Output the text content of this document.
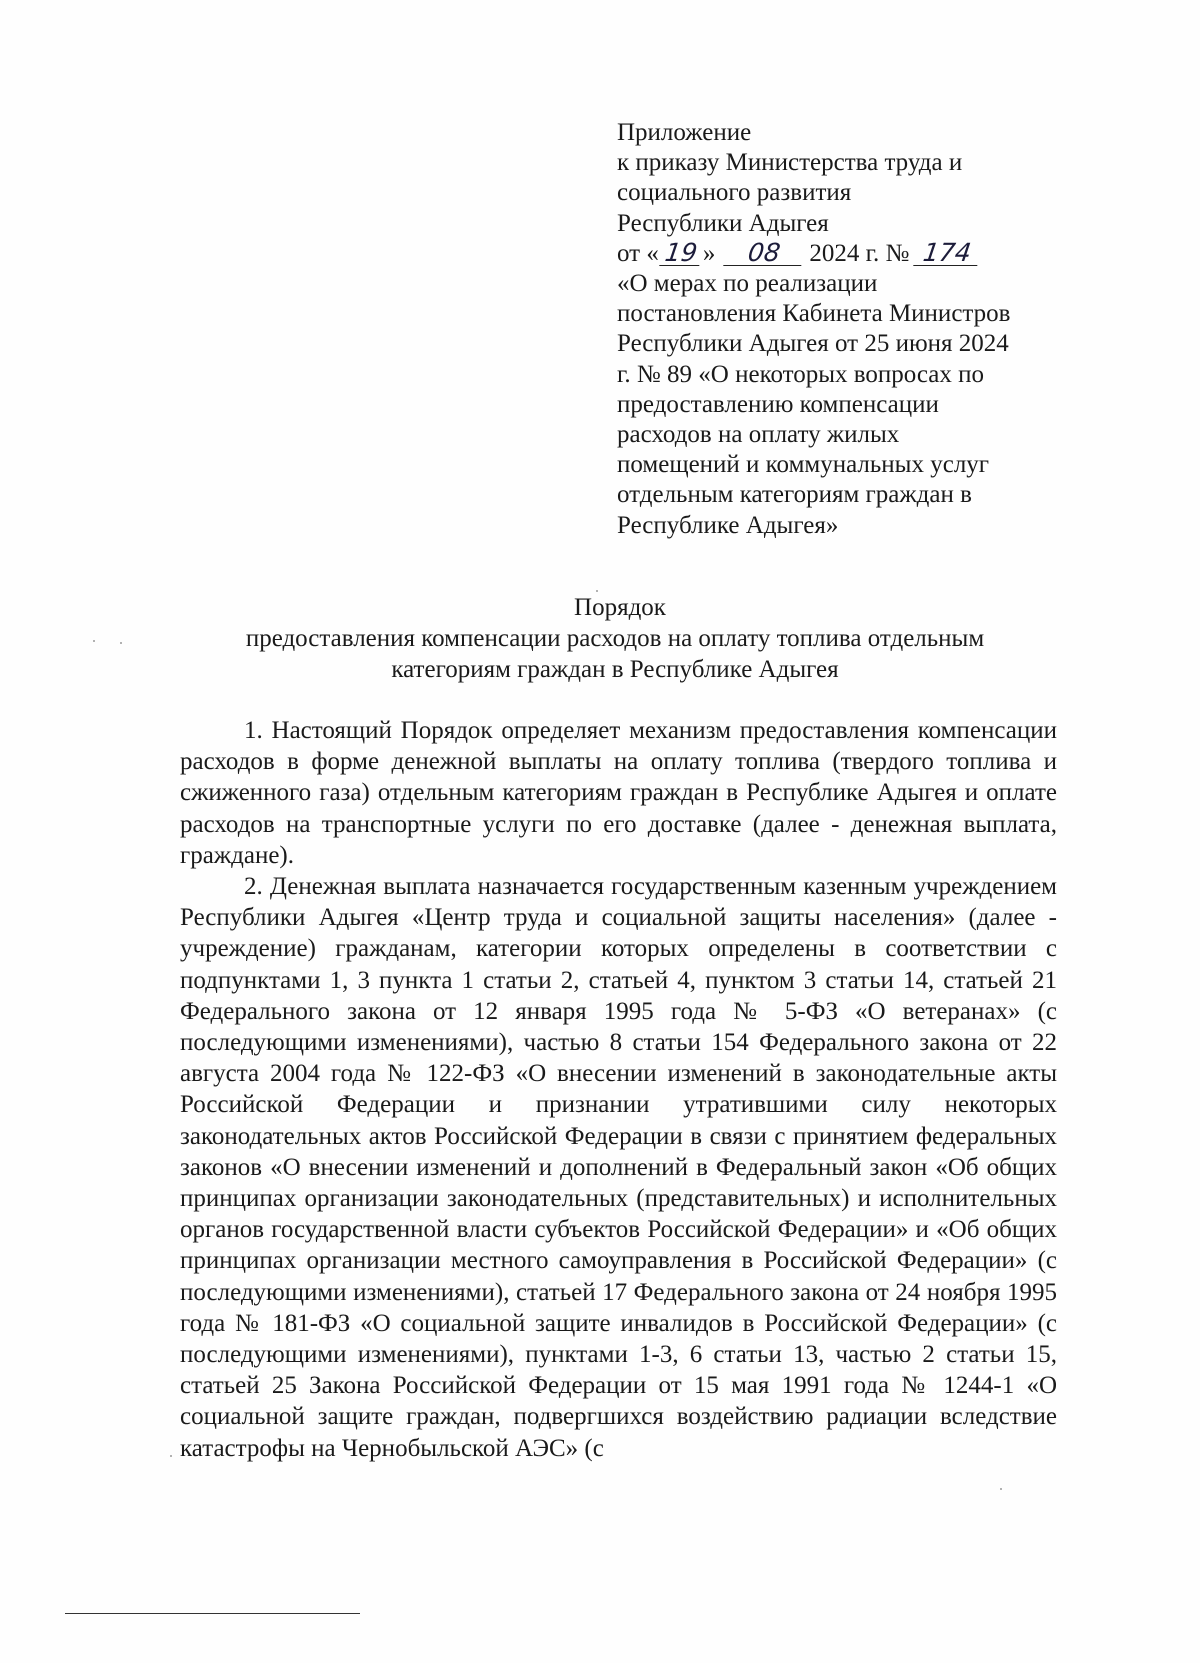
Приложение
к приказу Министерства труда и
социального развития
Республики Адыгея
от « 19 » 08 2024 г. № 174
«О мерах по реализации
постановления Кабинета Министров
Республики Адыгея от 25 июня 2024
г. № 89 «О некоторых вопросах по
предоставлению компенсации
расходов на оплату жилых
помещений и коммунальных услуг
отдельным категориям граждан в
Республике Адыгея»
Порядок
предоставления компенсации расходов на оплату топлива отдельным
категориям граждан в Республике Адыгея

1. Настоящий Порядок определяет механизм предоставления компенсации расходов в форме денежной выплаты на оплату топлива (твердого топлива и сжиженного газа) отдельным категориям граждан в Республике Адыгея и оплате расходов на транспортные услуги по его доставке (далее - денежная выплата, граждане).

2. Денежная выплата назначается государственным казенным учреждением Республики Адыгея «Центр труда и социальной защиты населения» (далее - учреждение) гражданам, категории которых определены в соответствии с подпунктами 1, 3 пункта 1 статьи 2, статьей 4, пунктом 3 статьи 14, статьей 21 Федерального закона от 12 января 1995 года № 5-ФЗ «О ветеранах» (с последующими изменениями), частью 8 статьи 154 Федерального закона от 22 августа 2004 года № 122-ФЗ «О внесении изменений в законодательные акты Российской Федерации и признании утратившими силу некоторых законодательных актов Российской Федерации в связи с принятием федеральных законов «О внесении изменений и дополнений в Федеральный закон «Об общих принципах организации законодательных (представительных) и исполнительных органов государственной власти субъектов Российской Федерации» и «Об общих принципах организации местного самоуправления в Российской Федерации» (с последующими изменениями), статьей 17 Федерального закона от 24 ноября 1995 года № 181-ФЗ «О социальной защите инвалидов в Российской Федерации» (с последующими изменениями), пунктами 1-3, 6 статьи 13, частью 2 статьи 15, статьей 25 Закона Российской Федерации от 15 мая 1991 года № 1244-1 «О социальной защите граждан, подвергшихся воздействию радиации вследствие катастрофы на Чернобыльской АЭС» (с
